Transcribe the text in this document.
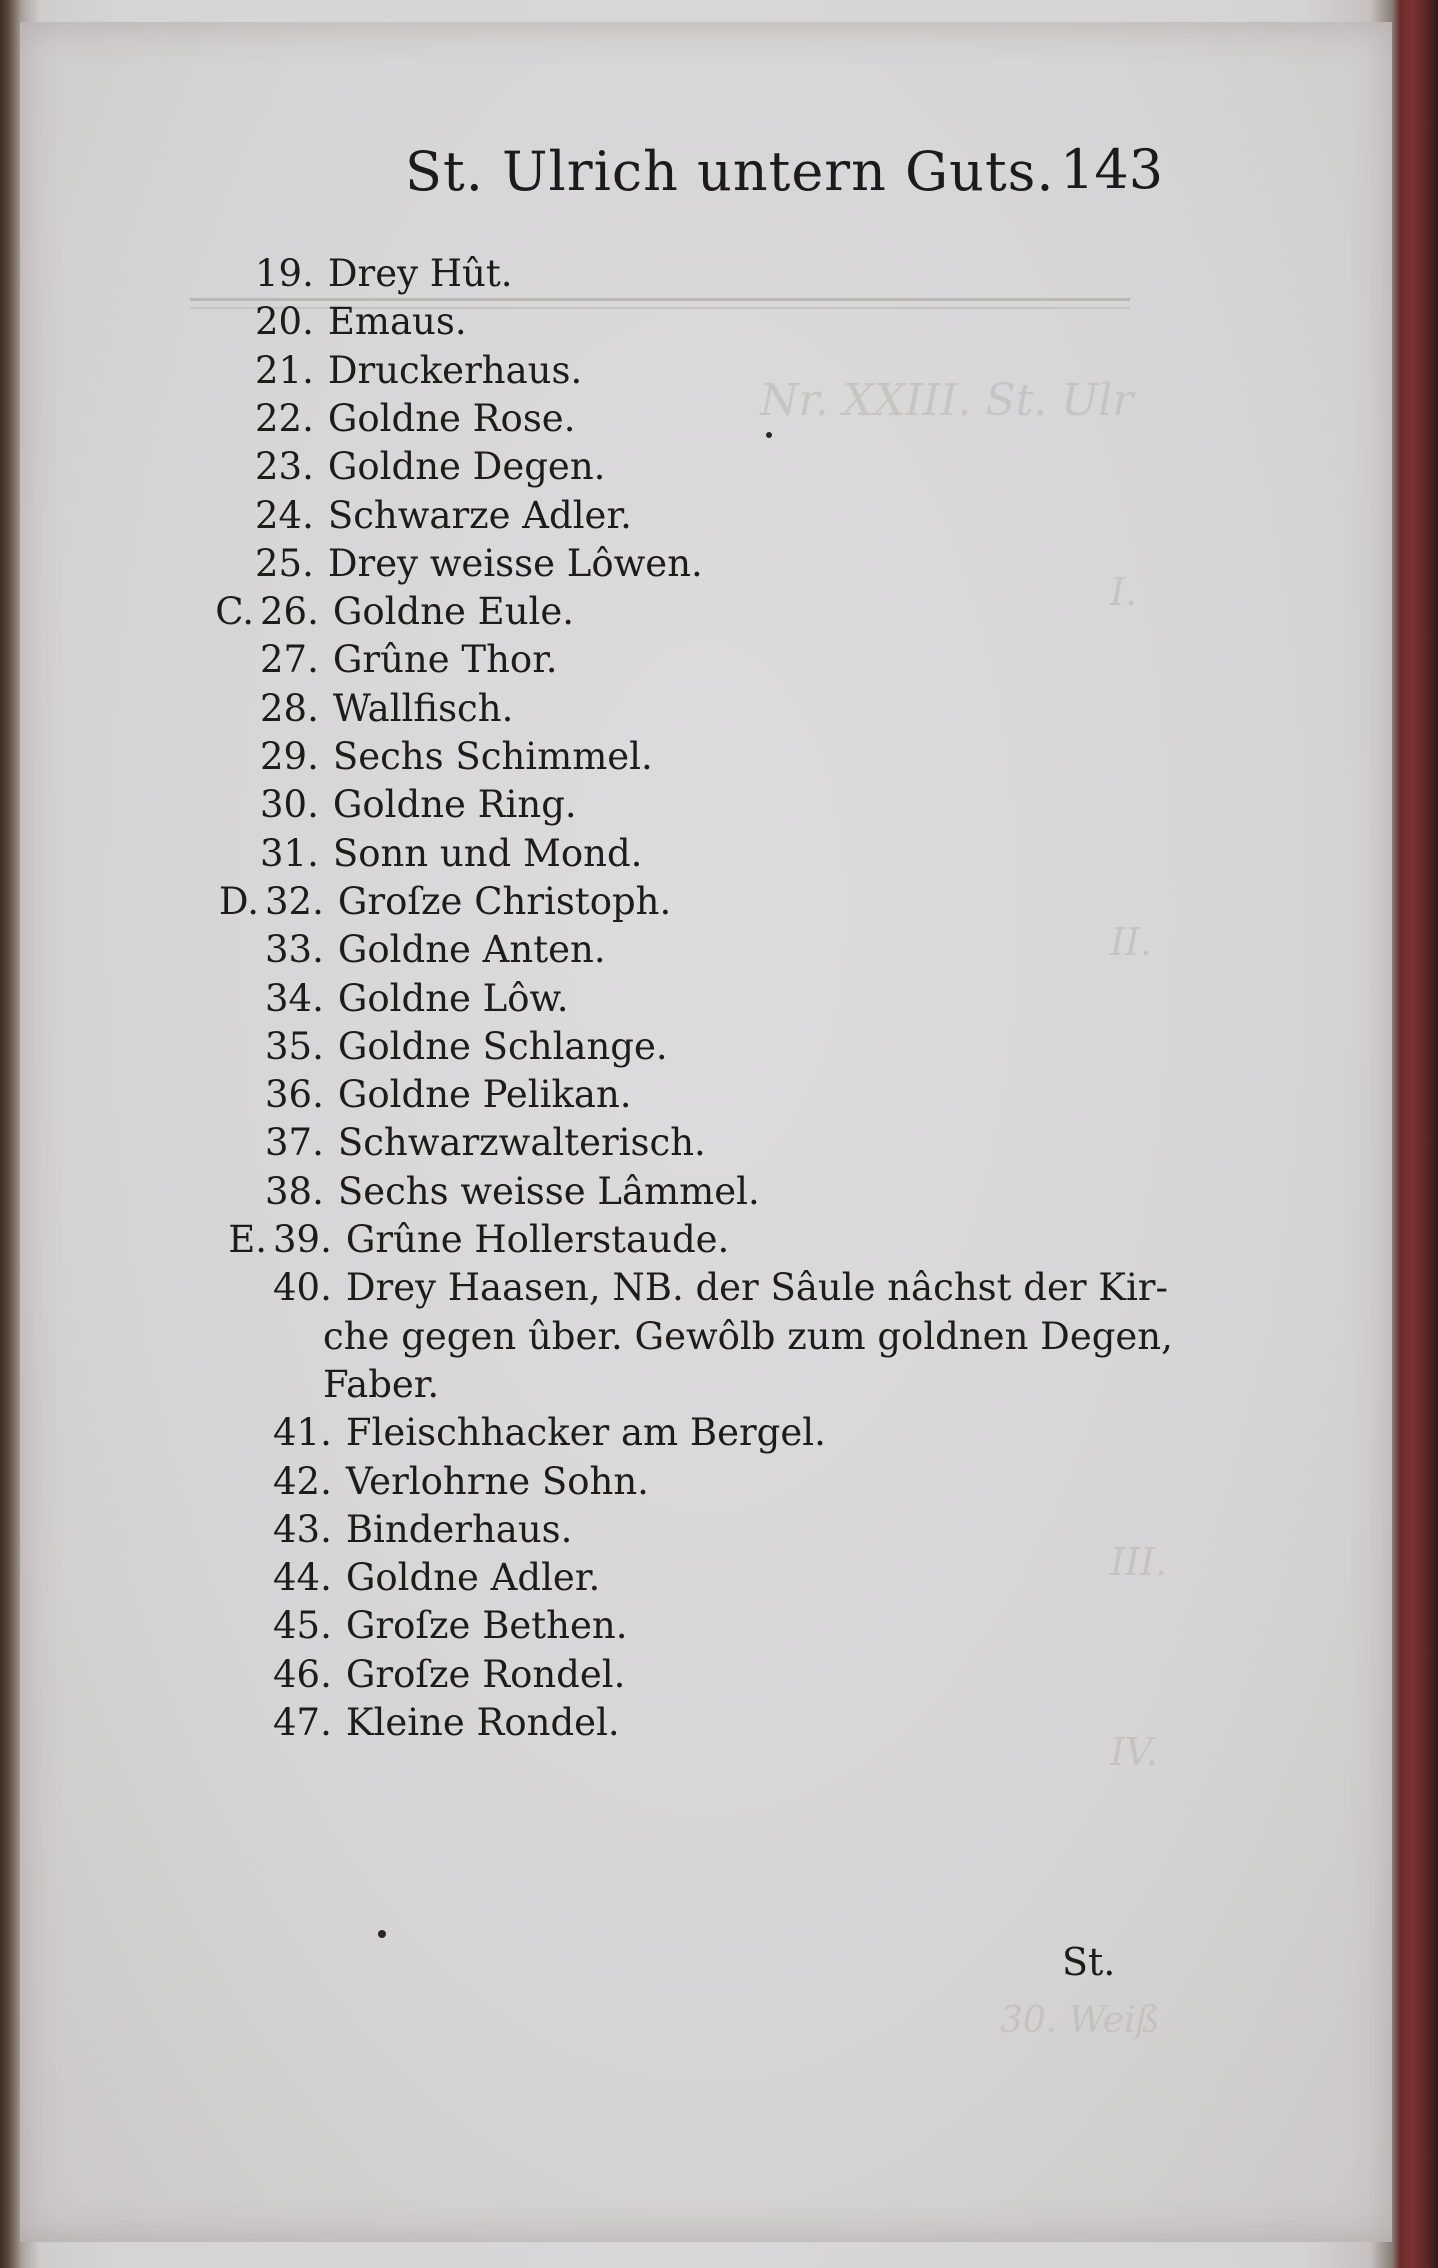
Nr. XXIII. St. Ulr
I.
II.
III.
IV.
30. Weiß
St. Ulrich untern Guts. 143
19. Drey Hût.
20. Emaus.
21. Druckerhaus.
22. Goldne Rose.
23. Goldne Degen.
24. Schwarze Adler.
25. Drey weisse Lôwen.
C. 26. Goldne Eule.
27. Grûne Thor.
28. Wallfisch.
29. Sechs Schimmel.
30. Goldne Ring.
31. Sonn und Mond.
D. 32. Groſze Christoph.
33. Goldne Anten.
34. Goldne Lôw.
35. Goldne Schlange.
36. Goldne Pelikan.
37. Schwarzwalterisch.
38. Sechs weisse Lâmmel.
E. 39. Grûne Hollerstaude.
40. Drey Haasen, NB. der Sâule nâchst der Kir-
che gegen ûber. Gewôlb zum goldnen Degen,
Faber.
41. Fleischhacker am Bergel.
42. Verlohrne Sohn.
43. Binderhaus.
44. Goldne Adler.
45. Groſze Bethen.
46. Groſze Rondel.
47. Kleine Rondel.
St.
